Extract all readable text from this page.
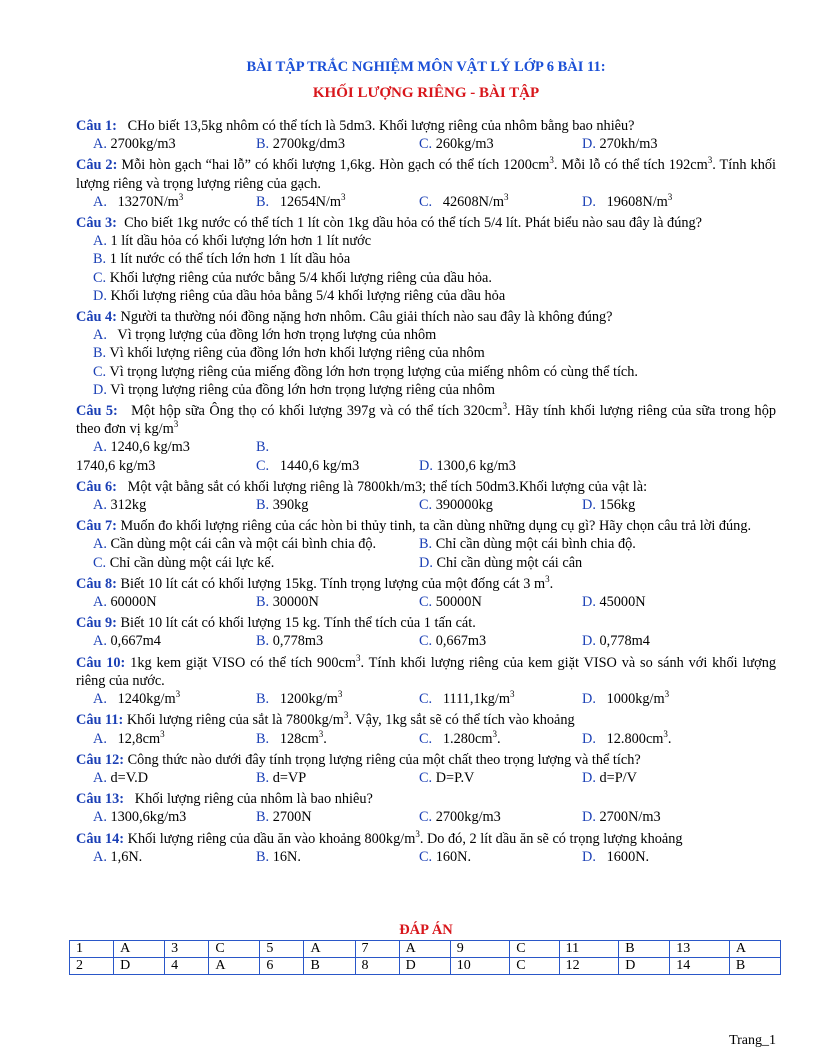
BÀI TẬP TRẮC NGHIỆM MÔN VẬT LÝ LỚP 6 BÀI 11:
KHỐI LƯỢNG RIÊNG - BÀI TẬP
Câu 1:   CHo biết 13,5kg nhôm có thể tích là 5dm3. Khối lượng riêng của nhôm bằng bao nhiêu?
A. 2700kg/m3	B. 2700kg/dm3	C. 260kg/m3	D. 270kh/m3
Câu 2: Mỗi hòn gạch “hai lỗ” có khối lượng 1,6kg. Hòn gạch có thể tích $1200cm^3$. Mỗi lỗ có thể tích $192cm^3$. Tính khối lượng riêng và trọng lượng riêng của gạch.
A.   $13270N/m^3$	B.   $12654N/m^3$	C.   $42608N/m^3$	D.   $19608N/m^3$
Câu 3:  Cho biết 1kg nước có thể tích 1 lít còn 1kg dầu hỏa có thể tích 5/4 lít. Phát biểu nào sau đây là đúng?
A. 1 lít dầu hỏa có khối lượng lớn hơn 1 lít nước
B. 1 lít nước có thể tích lớn hơn 1 lít dầu hỏa
C. Khối lượng riêng của nước bằng 5/4 khối lượng riêng của dầu hỏa.
D. Khối lượng riêng của dầu hỏa bằng 5/4 khối lượng riêng của dầu hỏa
Câu 4: Người ta thường nói đồng nặng hơn nhôm. Câu giải thích nào sau đây là không đúng?
A.   Vì trọng lượng của đồng lớn hơn trọng lượng của nhôm
B. Vì khối lượng riêng của đồng lớn hơn khối lượng riêng của nhôm
C. Vì trọng lượng riêng của miếng đồng lớn hơn trọng lượng của miếng nhôm có cùng thể tích.
D. Vì trọng lượng riêng của đồng lớn hơn trọng lượng riêng của nhôm
Câu 5:   Một hộp sữa Ông thọ có khối lượng 397g và có thể tích $320cm^3$. Hãy tính khối lượng riêng của sữa trong hộp theo đơn vị $kg/m^3$
A. 1240,6 kg/m3	B.
1740,6 kg/m3	C.   1440,6 kg/m3	D. 1300,6 kg/m3
Câu 6:   Một vật bằng sắt có khối lượng riêng là 7800kh/m3; thể tích 50dm3.Khối lượng của vật là:
A. 312kg	B. 390kg	C. 390000kg	D. 156kg
Câu 7: Muốn đo khối lượng riêng của các hòn bi thủy tinh, ta cần dùng những dụng cụ gì? Hãy chọn câu trả lời đúng.
A. Cần dùng một cái cân và một cái bình chia độ.	B. Chỉ cần dùng một cái bình chia độ.
C. Chỉ cần dùng một cái lực kế.	D. Chỉ cần dùng một cái cân
Câu 8: Biết 10 lít cát có khối lượng 15kg. Tính trọng lượng của một đống cát 3 $m^3$.
A. 60000N	B. 30000N	C. 50000N	D. 45000N
Câu 9: Biết 10 lít cát có khối lượng 15 kg. Tính thể tích của 1 tấn cát.
A. 0,667m4	B. 0,778m3	C. 0,667m3	D. 0,778m4
Câu 10: 1kg kem giặt VISO có thể tích $900cm^3$. Tính khối lượng riêng của kem giặt VISO và so sánh với khối lượng riêng của nước.
A.   $1240kg/m^3$	B.   $1200kg/m^3$	C.   $1111,1kg/m^3$	D.   $1000kg/m^3$
Câu 11: Khối lượng riêng của sắt là $7800kg/m^3$. Vậy, 1kg sắt sẽ có thể tích vào khoảng
A.   $12,8cm^3$	B.   $128cm^3$.	C.   $1.280cm^3$.	D.   $12.800cm^3$.
Câu 12: Công thức nào dưới đây tính trọng lượng riêng của một chất theo trọng lượng và thể tích?
A. d=V.D	B. d=VP	C. D=P.V	D. d=P/V
Câu 13:   Khối lượng riêng của nhôm là bao nhiêu?
A. 1300,6kg/m3	B. 2700N	C. 2700kg/m3	D. 2700N/m3
Câu 14: Khối lượng riêng của dầu ăn vào khoảng $800kg/m^3$. Do đó, 2 lít dầu ăn sẽ có trọng lượng khoảng
A. 1,6N.	B. 16N.	C. 160N.	D.   1600N.
ĐÁP ÁN
1	A	3	C	5	A	7	A	9	C	11	B	13	A
2	D	4	A	6	B	8	D	10	C	12	D	14	B
Trang_1
